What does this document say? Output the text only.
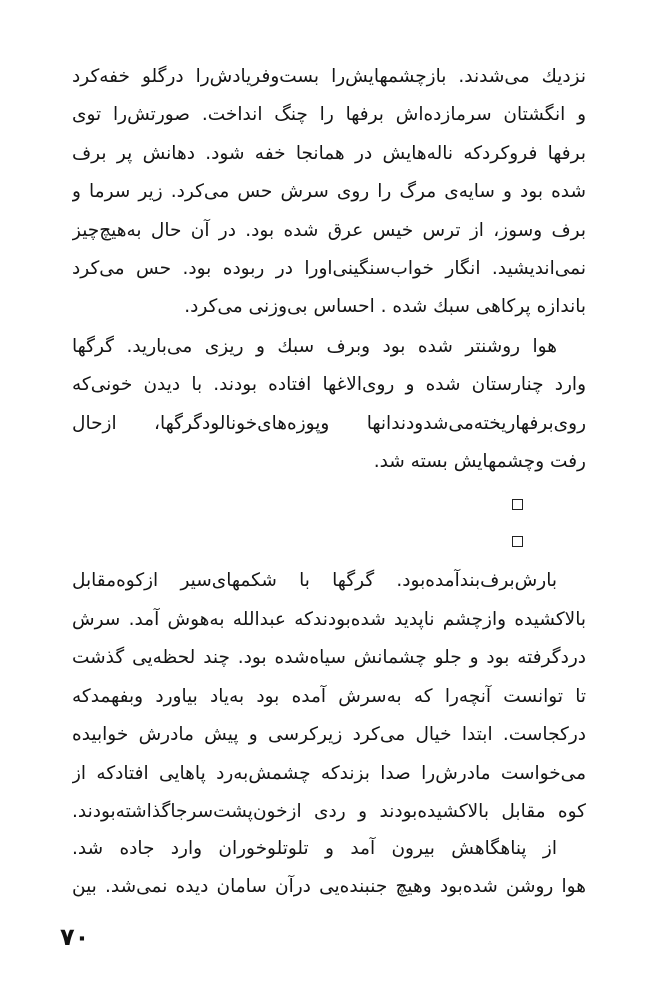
نزدیك می‌شدند. بازچشمهایش‌را بست‌وفریادش‌را درگلو خفه‌کرد
و انگشتان سرمازده‌اش برفها را چنگ انداخت. صورتش‌را توی
برفها فروکردکه ناله‌هایش در همانجا خفه شود. دهانش پر برف
شده بود و سایه‌ی مرگ را روی سرش حس می‌کرد. زیر سرما و
برف وسوز، از ترس خیس عرق شده بود. در آن حال به‌هیچ‌چیز
نمی‌اندیشید. انگار خواب‌سنگینی‌اورا در ربوده بود. حس می‌کرد
باندازه پرکاهی سبك شده . احساس بی‌وزنی می‌کرد.
هوا روشنتر شده بود وبرف سبك و ریزی می‌بارید. گرگها
وارد چنارستان شده و روی‌الاغها افتاده بودند. با دیدن خونی‌که
روی‌برفهاریخته‌می‌شدودندانها وپوزه‌های‌خونالودگرگها، ازحال
رفت وچشمهایش بسته شد.
بارش‌برف‌بندآمده‌بود. گرگها با شکمهای‌سیر ازکوه‌مقابل
بالاکشیده وازچشم ناپدید شده‌بودندکه عبدالله به‌هوش آمد. سرش
دردگرفته بود و جلو چشمانش سیاه‌شده بود. چند لحظه‌یی گذشت
تا توانست آنچه‌را که به‌سرش آمده بود به‌یاد بیاورد وبفهمدکه
درکجاست. ابتدا خیال می‌کرد زیرکرسی و پیش مادرش خوابیده
می‌خواست مادرش‌را صدا بزندکه چشمش‌به‌رد پاهایی افتادکه از
کوه مقابل بالاکشیده‌بودند و ردی ازخون‌پشت‌سرجاگذاشته‌بودند.
از پناهگاهش بیرون آمد و تلوتلوخوران وارد جاده شد.
هوا روشن شده‌بود وهیچ جنبنده‌یی درآن سامان دیده نمی‌شد. بین
۷۰
